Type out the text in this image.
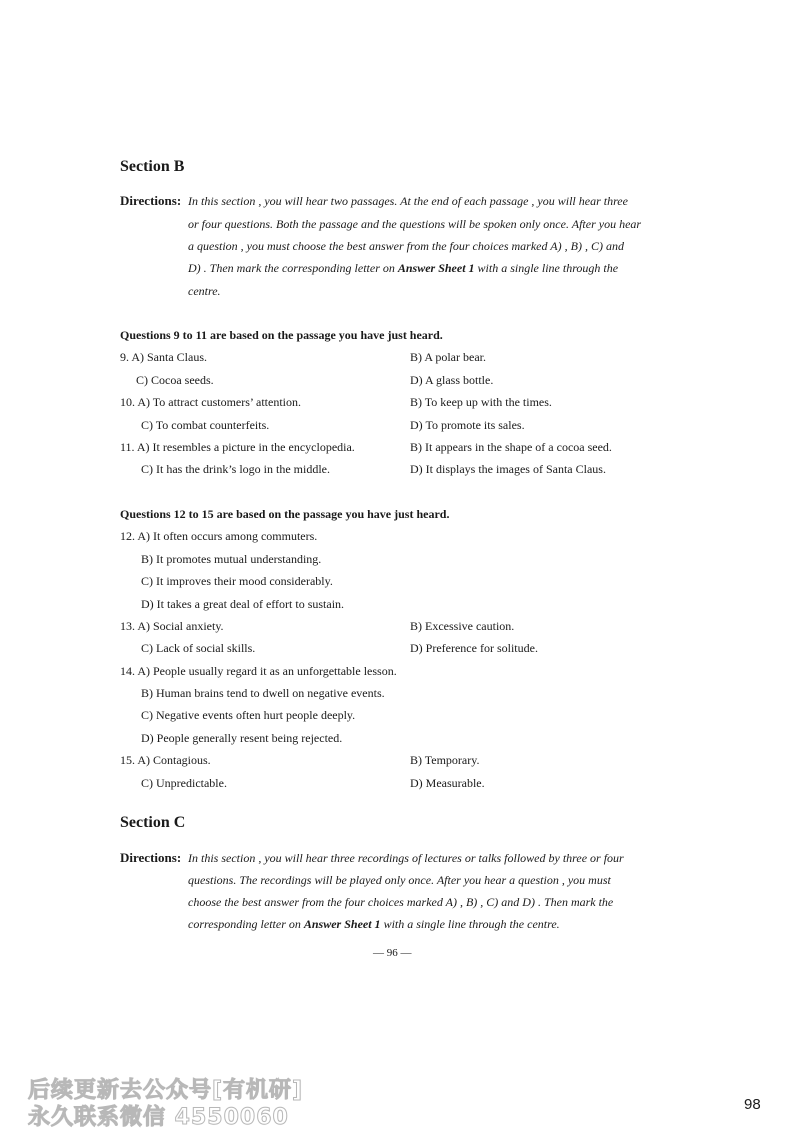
Section B
Directions: In this section , you will hear two passages. At the end of each passage , you will hear three
or four questions. Both the passage and the questions will be spoken only once. After you hear
a question , you must choose the best answer from the four choices marked A) , B) , C) and
D) . Then mark the corresponding letter on Answer Sheet 1 with a single line through the
centre.
Questions 9 to 11 are based on the passage you have just heard.
9. A) Santa Claus.	B) A polar bear.
C) Cocoa seeds.	D) A glass bottle.
10. A) To attract customers’ attention.	B) To keep up with the times.
C) To combat counterfeits.	D) To promote its sales.
11. A) It resembles a picture in the encyclopedia.	B) It appears in the shape of a cocoa seed.
C) It has the drink’s logo in the middle.	D) It displays the images of Santa Claus.
Questions 12 to 15 are based on the passage you have just heard.
12. A) It often occurs among commuters.
B) It promotes mutual understanding.
C) It improves their mood considerably.
D) It takes a great deal of effort to sustain.
13. A) Social anxiety.	B) Excessive caution.
C) Lack of social skills.	D) Preference for solitude.
14. A) People usually regard it as an unforgettable lesson.
B) Human brains tend to dwell on negative events.
C) Negative events often hurt people deeply.
D) People generally resent being rejected.
15. A) Contagious.	B) Temporary.
C) Unpredictable.	D) Measurable.
Section C
Directions: In this section , you will hear three recordings of lectures or talks followed by three or four
questions. The recordings will be played only once. After you hear a question , you must
choose the best answer from the four choices marked A) , B) , C) and D) . Then mark the
corresponding letter on Answer Sheet 1 with a single line through the centre.
— 96 —
98
后续更新去公众号[有机研]
永久联系微信 4550060
